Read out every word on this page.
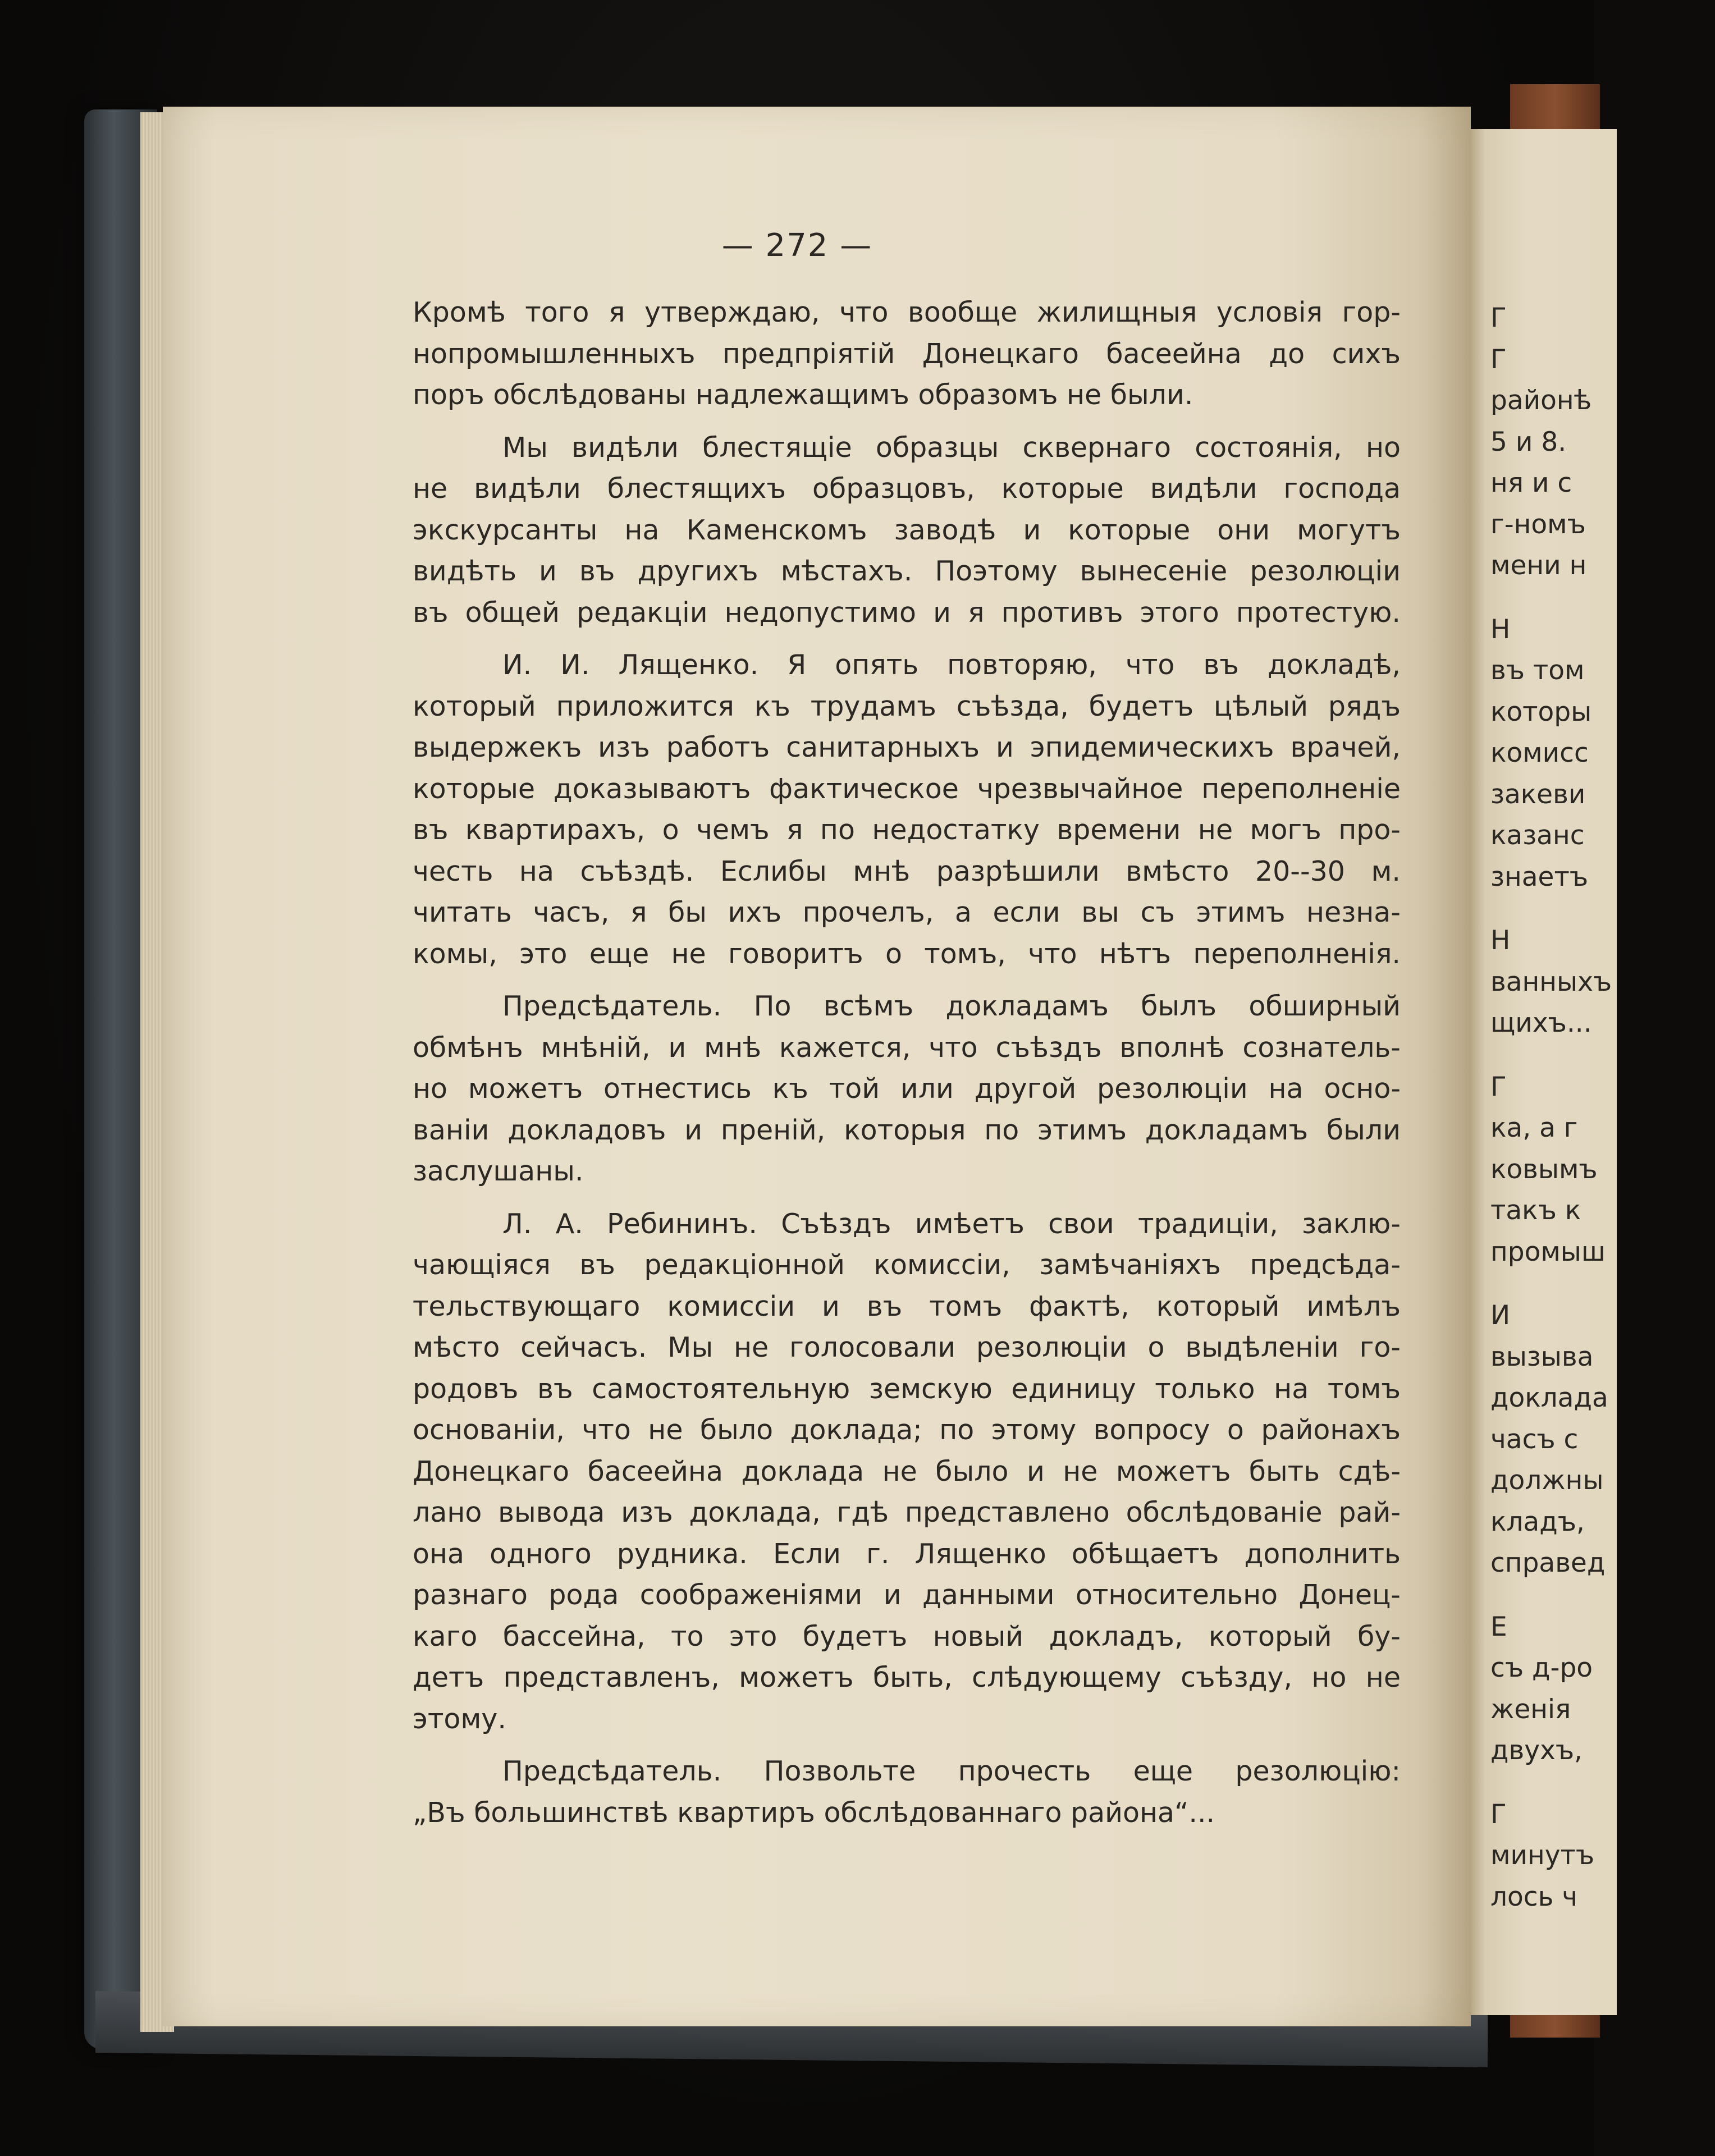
— 272 —
Кромѣ того я утверждаю, что вообще жилищныя условія гор-
нопромышленныхъ предпріятій Донецкаго басеейна до сихъ
поръ обслѣдованы надлежащимъ образомъ не были.
Мы видѣли блестящіе образцы сквернаго состоянія, но
не видѣли блестящихъ образцовъ, которые видѣли господа
экскурсанты на Каменскомъ заводѣ и которые они могутъ
видѣть и въ другихъ мѣстахъ. Поэтому вынесеніе резолюціи
въ общей редакціи недопустимо и я противъ этого протестую.
И. И. Лященко. Я опять повторяю, что въ докладѣ,
который приложится къ трудамъ съѣзда, будетъ цѣлый рядъ
выдержекъ изъ работъ санитарныхъ и эпидемическихъ врачей,
которые доказываютъ фактическое чрезвычайное переполненіе
въ квартирахъ, о чемъ я по недостатку времени не могъ про-
честь на съѣздѣ. Еслибы мнѣ разрѣшили вмѣсто 20--30 м.
читать часъ, я бы ихъ прочелъ, а если вы съ этимъ незна-
комы, это еще не говоритъ о томъ, что нѣтъ переполненія.
Предсѣдатель. По всѣмъ докладамъ былъ обширный
обмѣнъ мнѣній, и мнѣ кажется, что съѣздъ вполнѣ сознатель-
но можетъ отнестись къ той или другой резолюціи на осно-
ваніи докладовъ и преній, которыя по этимъ докладамъ были
заслушаны.
Л. А. Ребининъ. Съѣздъ имѣетъ свои традиціи, заклю-
чающіяся въ редакціонной комиссіи, замѣчаніяхъ предсѣда-
тельствующаго комиссіи и въ томъ фактѣ, который имѣлъ
мѣсто сейчасъ. Мы не голосовали резолюціи о выдѣленіи го-
родовъ въ самостоятельную земскую единицу только на томъ
основаніи, что не было доклада; по этому вопросу о районахъ
Донецкаго басеейна доклада не было и не можетъ быть сдѣ-
лано вывода изъ доклада, гдѣ представлено обслѣдованіе рай-
она одного рудника. Если г. Лященко обѣщаетъ дополнить
разнаго рода соображеніями и данными относительно Донец-
каго бассейна, то это будетъ новый докладъ, который бу-
детъ представленъ, можетъ быть, слѣдующему съѣзду, но не
этому.
Предсѣдатель. Позвольте прочесть еще резолюцію:
„Въ большинствѣ квартиръ обслѣдованнаго района“...
Г
Г
районѣ
5 и 8.
ня и с
г-номъ
мени н
Н
въ том
которы
комисс
закеви
казанс
знаетъ
Н
ванныхъ
щихъ...
Г
ка, а г
ковымъ
такъ к
промыш
И
вызыва
доклада
часъ с
должны
кладъ,
справед
Е
съ д-ро
женія
двухъ,
Г
минутъ
лось ч
